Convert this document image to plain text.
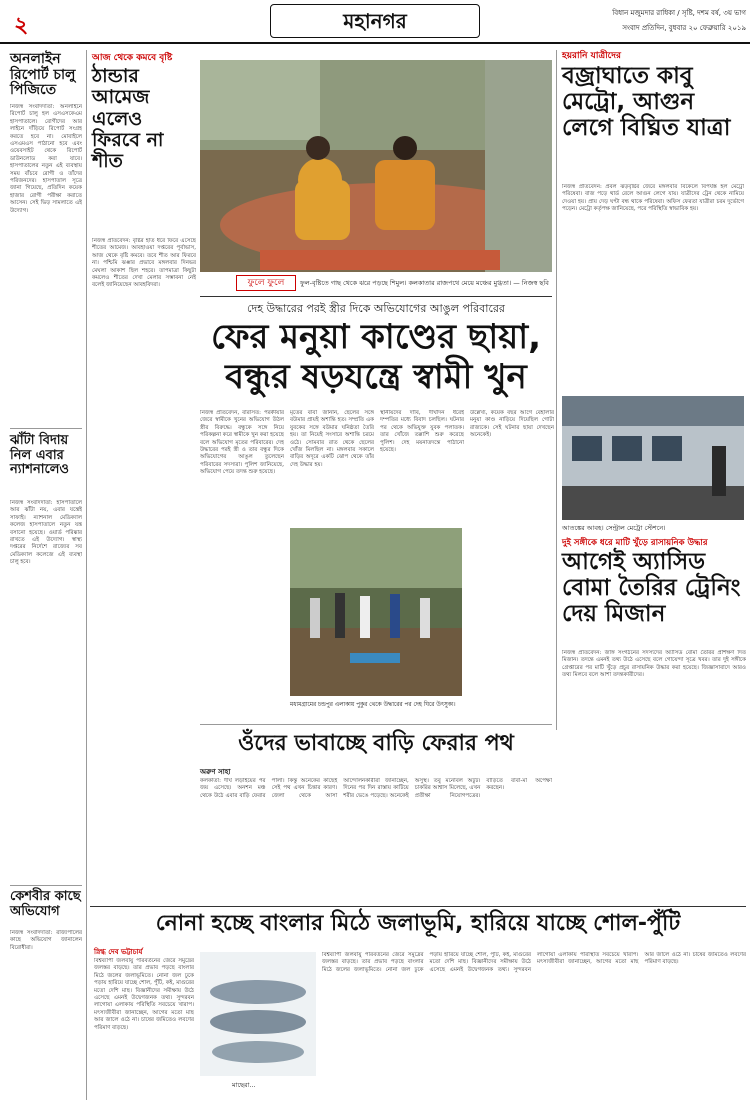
২	মহানগর	বিধান মজুমদার রাধিকা / সৃষ্টি, দশম বর্ষ, ৩য় ভাগ
সংবাদ প্রতিদিন, বুধবার ২০ ফেব্রুয়ারি ২০১৯
অনলাইন রিপোর্ট চালু পিজিতে
নিজস্ব সংবাদদাতা: অনলাইনে রিপোর্ট চালু হল এসএসকেএম হাসপাতালে। রোগীদের আর লাইনে দাঁড়িয়ে রিপোর্ট সংগ্রহ করতে হবে না। মোবাইলে এসএমএস পাঠানো হবে এবং ওয়েবসাইট থেকে রিপোর্ট ডাউনলোড করা যাবে। হাসপাতালের নতুন এই ব্যবস্থায় সময় বাঁচবে রোগী ও তাঁদের পরিজনদের। হাসপাতাল সূত্রে জানা গিয়েছে, প্রতিদিন কয়েক হাজার রোগী পরীক্ষা করাতে আসেন। সেই ভিড় সামলাতে এই উদ্যোগ।
ঝাঁটা বিদায় নিল এবার ন্যাশনালেও
নিজস্ব সংবাদদাতা: হাসপাতালে আর ঝাঁটা নয়, এবার যন্ত্রেই সাফাই। ন্যাশনাল মেডিক্যাল কলেজ হাসপাতালে নতুন যন্ত্র বসানো হয়েছে। ওয়ার্ড পরিষ্কার রাখতে এই উদ্যোগ। স্বাস্থ্য দপ্তরের নির্দেশে রাজ্যের সব মেডিক্যাল কলেজে এই ব্যবস্থা চালু হবে।
কেশবীর কাছে অভিযোগ
নিজস্ব সংবাদদাতা: রাজ্যপালের কাছে অভিযোগ জানালেন বিরোধীরা।
আজ থেকে কমবে বৃষ্টি
ঠান্ডার আমেজ এলেও ফিরবে না শীত
নিজস্ব প্রতিবেদন: বৃষ্টির হাত ধরে ফিরে এসেছে শীতের আমেজ। আবহাওয়া দপ্তরের পূর্বাভাস, আজ থেকে বৃষ্টি কমবে। তবে শীত আর ফিরবে না। পশ্চিমি ঝঞ্ঝার প্রভাবে মঙ্গলবার দিনভর মেঘলা আকাশ ছিল শহরে। তাপমাত্রা কিছুটা কমলেও শীতের দেখা মেলার সম্ভাবনা নেই বলেই জানিয়েছেন আবহবিদরা।	ফুলে ফুলে	ফুল-বৃষ্টিতে গাছ থেকে ঝরে পড়ছে শিমুল। কলকাতার রাজপথে মেয়ে মঞ্চের মুগ্ধতা। — নিজস্ব ছবি
দেহ উদ্ধারের পরই স্ত্রীর দিকে অভিযোগের আঙুল পরিবারের
ফের মনুয়া কাণ্ডের ছায়া,
বন্ধুর ষড়যন্ত্রে স্বামী খুন
নিজস্ব প্রতিবেদন, বারাসত: পরকীয়ার জেরে স্বামীকে খুনের অভিযোগ উঠল স্ত্রীর বিরুদ্ধে। বন্ধুকে সঙ্গে নিয়ে পরিকল্পনা করে স্বামীকে খুন করা হয়েছে বলে অভিযোগ মৃতের পরিবারের। দেহ উদ্ধারের পরই স্ত্রী ও তার বন্ধুর দিকে অভিযোগের আঙুল তুলেছেন পরিবারের সদস্যরা। পুলিশ জানিয়েছে, অভিযোগ পেয়ে তদন্ত শুরু হয়েছে।
মৃতের বাবা জানান, ছেলের সঙ্গে বউমার প্রায়ই অশান্তি হত। সম্প্রতি এক যুবকের সঙ্গে বউমার ঘনিষ্ঠতা তৈরি হয়। তা নিয়েই সংসারে অশান্তি চরমে ওঠে। সোমবার রাত থেকে ছেলের খোঁজ মিলছিল না। মঙ্গলবার সকালে বাড়ির অদূরে একটি ঝোপ থেকে তাঁর দেহ উদ্ধার হয়।
স্থানীয়দের দাবি, দীর্ঘদিন ধরেই দম্পতির মধ্যে বিবাদ চলছিল। ঘটনার পর থেকে অভিযুক্ত যুবক পলাতক। তার খোঁজে তল্লাশি শুরু করেছে পুলিশ। দেহ ময়নাতদন্তে পাঠানো হয়েছে।
উল্লেখ্য, কয়েক বছর আগে বেহালার মনুয়া কাণ্ড নাড়িয়ে দিয়েছিল গোটা রাজ্যকে। সেই ঘটনার ছায়া দেখছেন অনেকেই।
মধ্যমগ্রামের চন্ডপুর এলাকায় পুকুর থেকে উদ্ধারের পর দেহ ঘিরে উৎসুক্য।
হয়রানি যাত্রীদের
বজ্রাঘাতে কাবু মেট্রো, আগুন লেগে বিঘ্নিত যাত্রা
নিজস্ব প্রতিবেদন: প্রবল ঝড়বৃষ্টির জেরে মঙ্গলবার বিকেলে বিপর্যস্ত হল মেট্রো পরিষেবা। বাজ পড়ে থার্ড রেলে আগুন লেগে যায়। যাত্রীদের ট্রেন থেকে নামিয়ে দেওয়া হয়। প্রায় দেড় ঘণ্টা বন্ধ থাকে পরিষেবা। অফিস ফেরতা যাত্রীরা চরম দুর্ভোগে পড়েন। মেট্রো কর্তৃপক্ষ জানিয়েছে, পরে পরিস্থিতি স্বাভাবিক হয়।
আতঙ্কের আবহ। সেন্ট্রাল মেট্রো স্টেশনে।
দুই সঙ্গীকে ধরে মাটি খুঁড়ে রাসায়নিক উদ্ধার
আগেই অ্যাসিড বোমা তৈরির ট্রেনিং দেয় মিজান
নিজস্ব প্রতিবেদন: জঙ্গি সংগঠনের সদস্যদের অ্যাসিড বোমা তৈরির প্রশিক্ষণ দিত মিজান। তদন্তে এমনই তথ্য উঠে এসেছে বলে গোয়েন্দা সূত্রে খবর। তার দুই সঙ্গীকে গ্রেপ্তারের পর মাটি খুঁড়ে প্রচুর রাসায়নিক উদ্ধার করা হয়েছে। জিজ্ঞাসাবাদে আরও তথ্য মিলবে বলে আশা তদন্তকারীদের।
ওঁদের ভাবাচ্ছে বাড়ি ফেরার পথ
অরুণ সাহা
কলকাতা: দীর্ঘ লড়াইয়ের পর জয় এসেছে। অনশন মঞ্চ থেকে উঠে এবার বাড়ি ফেরার পালা। কিন্তু অনেকের কাছেই সেই পথ এখন চিন্তার কারণ। জেলা থেকে আসা আন্দোলনকারীরা জানাচ্ছেন, দিনের পর দিন রাস্তায় কাটিয়ে শরীর ভেঙে পড়েছে। অনেকেই অসুস্থ। তবু মনোবল অটুট। চাকরির আশ্বাস মিলেছে, এখন প্রতীক্ষা নিয়োগপত্রের। বাড়িতে বাবা-মা অপেক্ষা করছেন।
নোনা হচ্ছে বাংলার মিঠে জলাভূমি, হারিয়ে যাচ্ছে শোল-পুঁটি
স্নিগ্ধ দেব ভট্টাচার্য
বিশ্বব্যাপী জলবায়ু পরিবর্তনের জেরে সমুদ্রের জলস্তর বাড়ছে। তার প্রভাব পড়ছে বাংলার মিঠে জলের জলাভূমিতে। নোনা জল ঢুকে পড়ায় হারিয়ে যাচ্ছে শোল, পুঁটি, কই, মাগুরের মতো দেশি মাছ। বিজ্ঞানীদের সমীক্ষায় উঠে এসেছে এমনই উদ্বেগজনক তথ্য। সুন্দরবন লাগোয়া এলাকায় পরিস্থিতি সবচেয়ে খারাপ। মৎস্যজীবীরা জানাচ্ছেন, আগের মতো মাছ আর জালে ওঠে না। চাষের জমিতেও লবণের পরিমাণ বাড়ছে।
মাছেরা...
বিশ্বব্যাপী জলবায়ু পরিবর্তনের জেরে সমুদ্রের জলস্তর বাড়ছে। তার প্রভাব পড়ছে বাংলার মিঠে জলের জলাভূমিতে। নোনা জল ঢুকে পড়ায় হারিয়ে যাচ্ছে শোল, পুঁটি, কই, মাগুরের মতো দেশি মাছ। বিজ্ঞানীদের সমীক্ষায় উঠে এসেছে এমনই উদ্বেগজনক তথ্য। সুন্দরবন লাগোয়া এলাকায় পরিস্থিতি সবচেয়ে খারাপ। মৎস্যজীবীরা জানাচ্ছেন, আগের মতো মাছ আর জালে ওঠে না। চাষের জমিতেও লবণের পরিমাণ বাড়ছে।
